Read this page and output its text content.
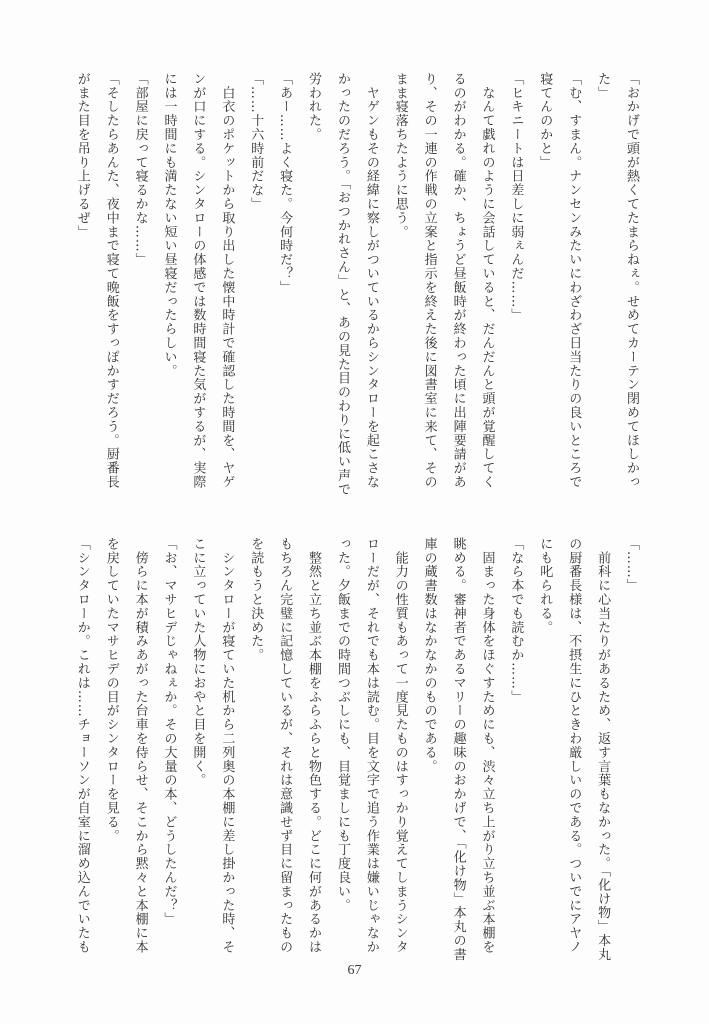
「おかげで頭が熱くてたまらねぇ。せめてカーテン閉めてほしかっ
た」
「む、すまん。ナンセンみたいにわざわざ日当たりの良いところで
寝てんのかと」
「ヒキニートは日差しに弱ぇんだ……」
　なんて戯れのように会話していると、だんだんと頭が覚醒してく
るのがわかる。確か、ちょうど昼飯時が終わった頃に出陣要請があ
り、その一連の作戦の立案と指示を終えた後に図書室に来て、その
まま寝落ちたように思う。
　ヤゲンもその経緯に察しがついているからシンタローを起こさな
かったのだろう。「おつかれさん」と、あの見た目のわりに低い声で
労われた。
「あー……よく寝た。今何時だ？」
「……十六時前だな」
　白衣のポケットから取り出した懐中時計で確認した時間を、ヤゲ
ンが口にする。シンタローの体感では数時間寝た気がするが、実際
には一時間にも満たない短い昼寝だったらしい。
「部屋に戻って寝るかな……」
「そしたらあんた、夜中まで寝て晩飯をすっぽかすだろう。厨番長
がまた目を吊り上げるぜ」
「……」
　前科に心当たりがあるため、返す言葉もなかった。「化け物」本丸
の厨番長様は、不摂生にひときわ厳しいのである。ついでにアヤノ
にも叱られる。
「なら本でも読むか……」
　固まった身体をほぐすためにも、渋々立ち上がり立ち並ぶ本棚を
眺める。審神者であるマリーの趣味のおかげで、「化け物」本丸の書
庫の蔵書数はなかなかのものである。
　能力の性質もあって一度見たものはすっかり覚えてしまうシンタ
ローだが、それでも本は読む。目を文字で追う作業は嫌いじゃなか
った。夕飯までの時間つぶしにも、目覚ましにも丁度良い。
　整然と立ち並ぶ本棚をふらふらと物色する。どこに何があるかは
もちろん完璧に記憶しているが、それは意識せず目に留まったもの
を読もうと決めた。
　シンタローが寝ていた机から二列奥の本棚に差し掛かった時、そ
こに立っていた人物におやと目を開く。
「お、マサヒデじゃねぇか。その大量の本、どうしたんだ？」
　傍らに本が積みあがった台車を侍らせ、そこから黙々と本棚に本
を戻していたマサヒデの目がシンタローを見る。
「シンタローか。これは……チョーソンが自室に溜め込んでいたも
67
